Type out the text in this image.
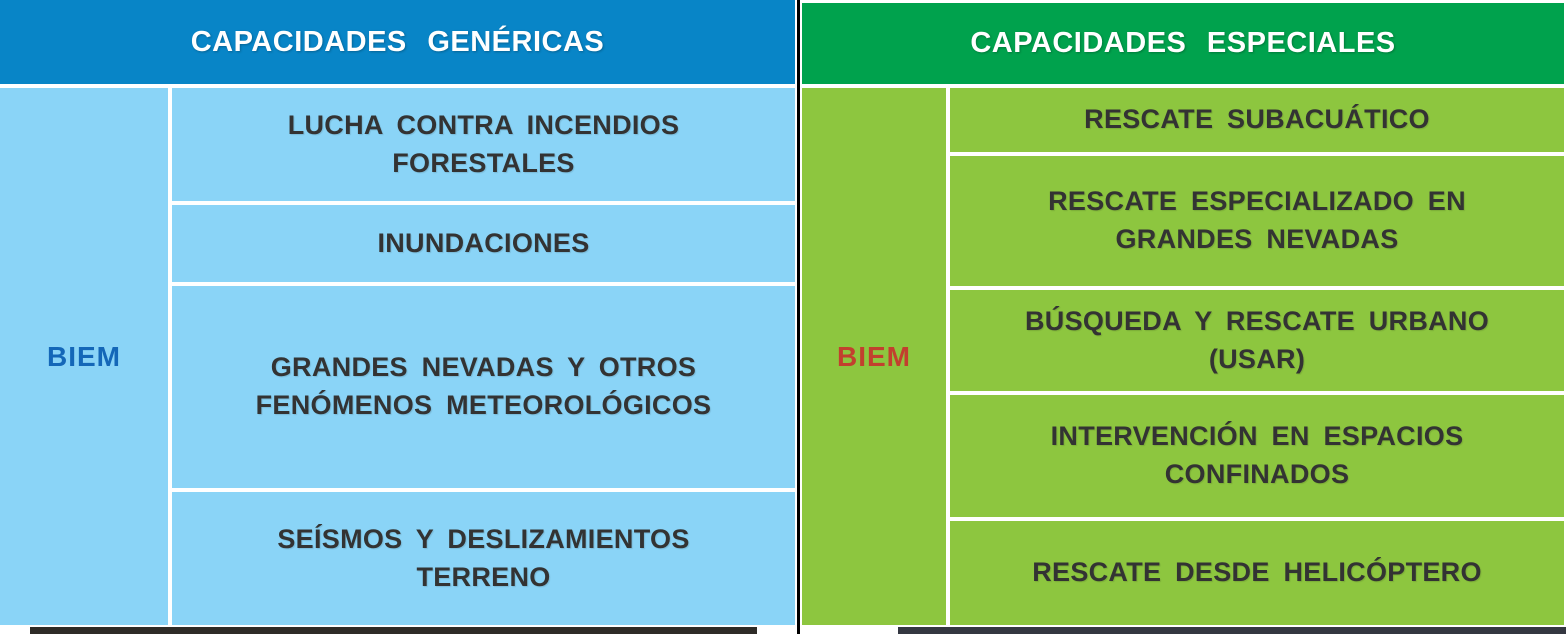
CAPACIDADES GENÉRICAS
BIEM
LUCHA CONTRA INCENDIOS FORESTALES
INUNDACIONES
GRANDES NEVADAS Y OTROS FENÓMENOS METEOROLÓGICOS
SEÍSMOS Y DESLIZAMIENTOS TERRENO
CAPACIDADES ESPECIALES
BIEM
RESCATE SUBACUÁTICO
RESCATE ESPECIALIZADO EN GRANDES NEVADAS
BÚSQUEDA Y RESCATE URBANO (USAR)
INTERVENCIÓN EN ESPACIOS CONFINADOS
RESCATE DESDE HELICÓPTERO
